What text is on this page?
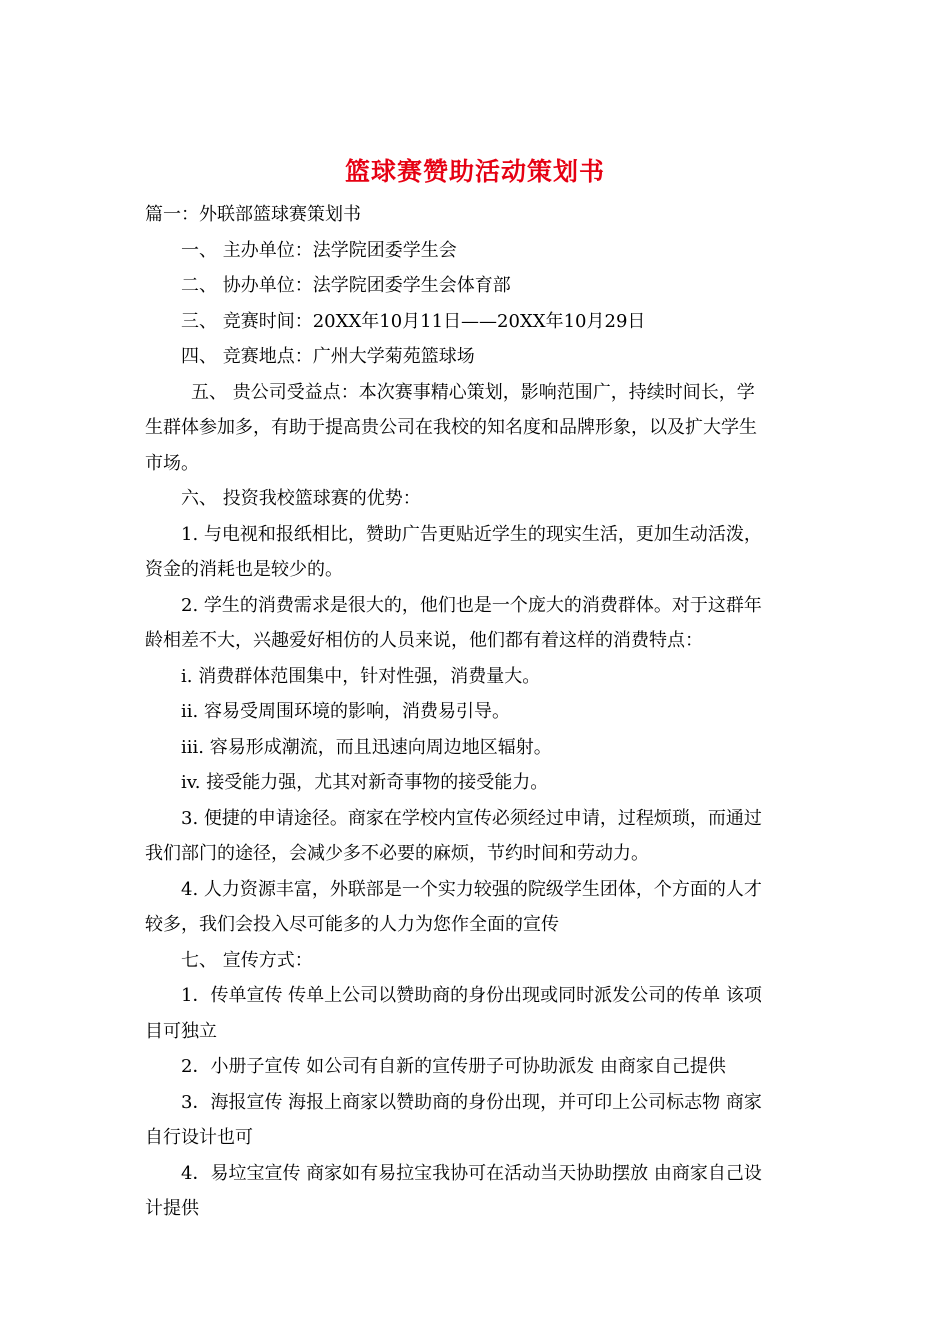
篮球赛赞助活动策划书

篇一：外联部篮球赛策划书

一、 主办单位：法学院团委学生会

二、 协办单位：法学院团委学生会体育部

三、 竞赛时间：20XX年10月11日——20XX年10月29日

四、 竞赛地点：广州大学菊苑篮球场

五、 贵公司受益点：本次赛事精心策划，影响范围广，持续时间长，学

生群体参加多，有助于提高贵公司在我校的知名度和品牌形象，以及扩大学生

市场。

六、 投资我校篮球赛的优势：

1. 与电视和报纸相比，赞助广告更贴近学生的现实生活，更加生动活泼，

资金的消耗也是较少的。

2. 学生的消费需求是很大的，他们也是一个庞大的消费群体。对于这群年

龄相差不大，兴趣爱好相仿的人员来说，他们都有着这样的消费特点：

i. 消费群体范围集中，针对性强，消费量大。

ii. 容易受周围环境的影响，消费易引导。

iii. 容易形成潮流，而且迅速向周边地区辐射。

iv. 接受能力强，尤其对新奇事物的接受能力。

3. 便捷的申请途径。商家在学校内宣传必须经过申请，过程烦琐，而通过

我们部门的途径，会减少多不必要的麻烦，节约时间和劳动力。

4. 人力资源丰富，外联部是一个实力较强的院级学生团体，个方面的人才

较多，我们会投入尽可能多的人力为您作全面的宣传

七、 宣传方式：

1．传单宣传 传单上公司以赞助商的身份出现或同时派发公司的传单 该项

目可独立

2．小册子宣传 如公司有自新的宣传册子可协助派发 由商家自己提供

3．海报宣传 海报上商家以赞助商的身份出现，并可印上公司标志物 商家

自行设计也可

4．易垃宝宣传 商家如有易拉宝我协可在活动当天协助摆放 由商家自己设

计提供
